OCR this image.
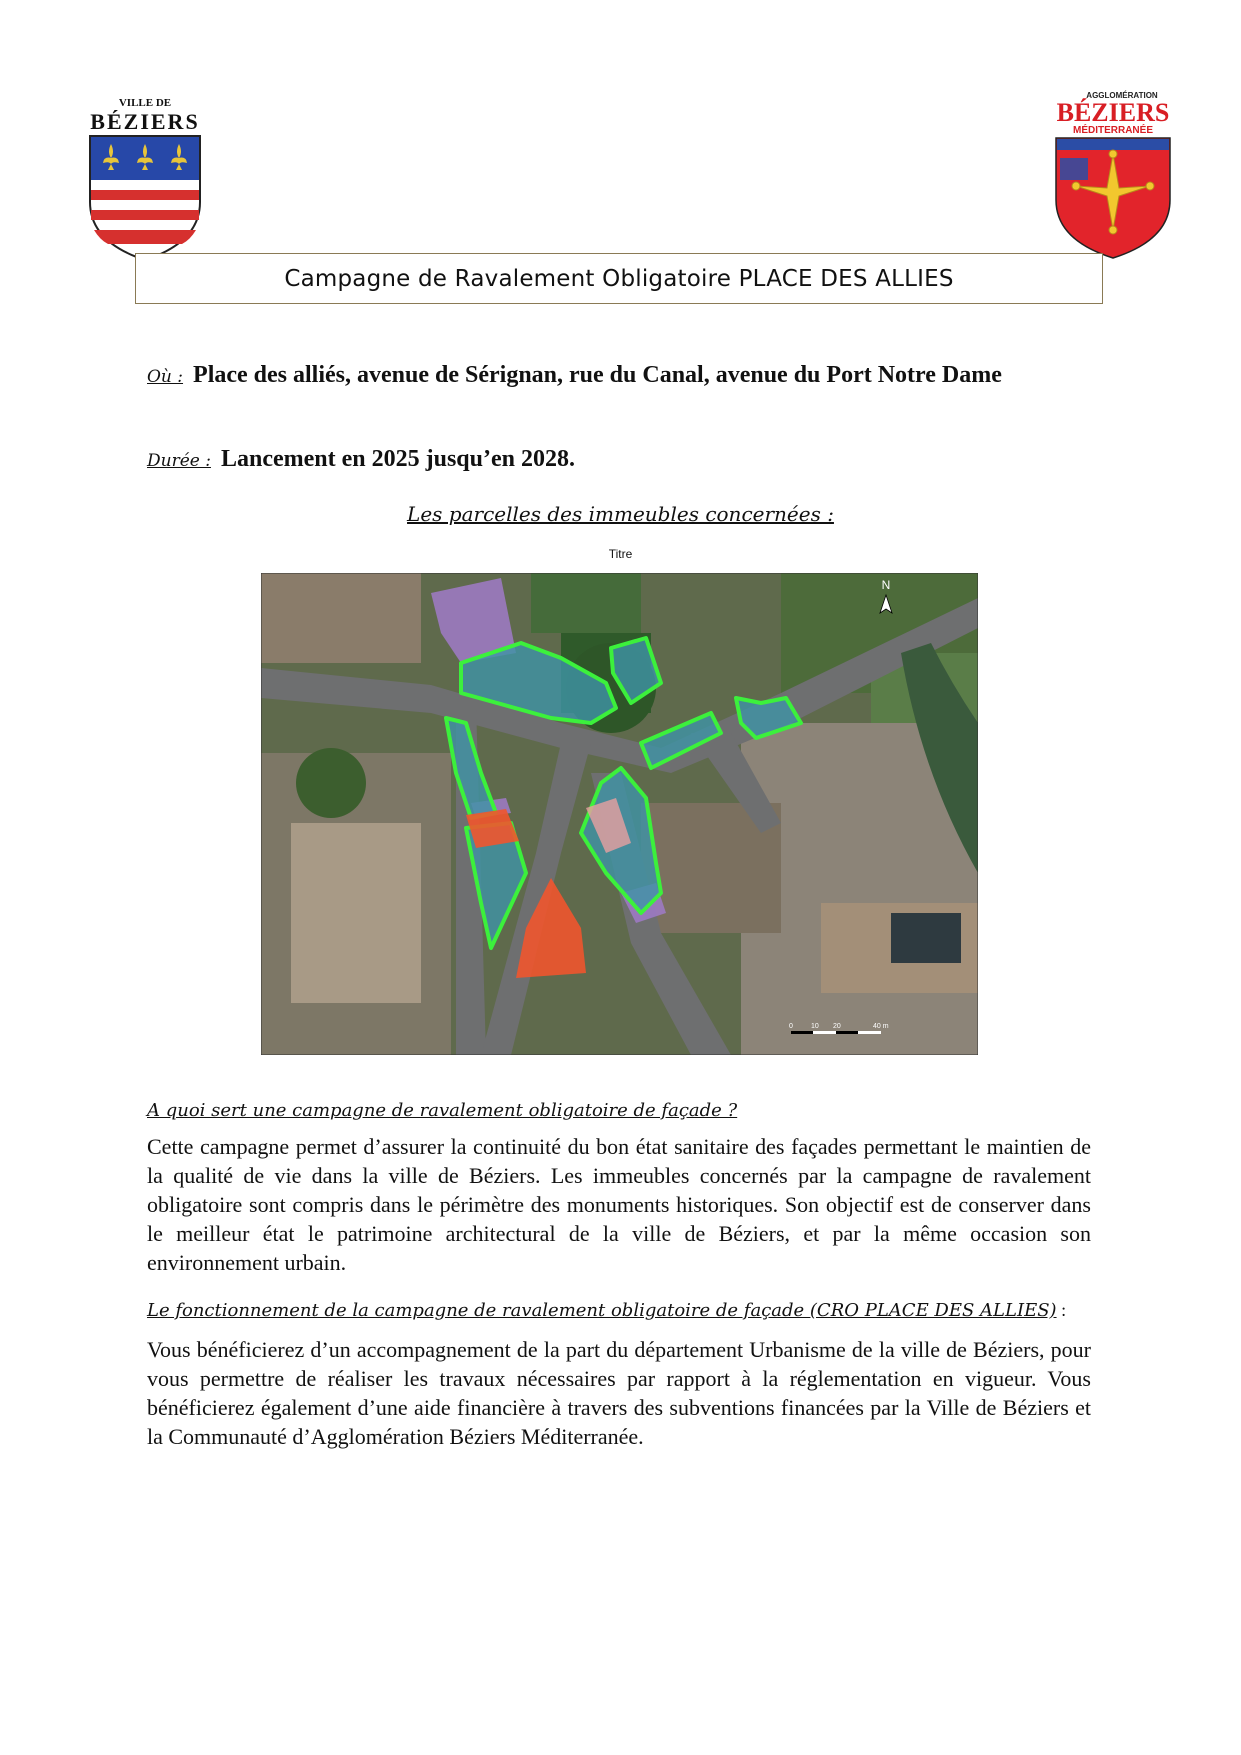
VILLE DE
BÉZIERS
AGGLOMÉRATION
BÉZIERS
MÉDITERRANÉE
Campagne de Ravalement Obligatoire PLACE DES ALLIES
Où : Place des alliés, avenue de Sérignan, rue du Canal, avenue du Port Notre Dame
Durée : Lancement en 2025 jusqu’en 2028.
Les parcelles des immeubles concernées :
Titre
N
0	10 20	40 m
A quoi sert une campagne de ravalement obligatoire de façade ?
Cette campagne permet d’assurer la continuité du bon état sanitaire des façades permettant le maintien de la qualité de vie dans la ville de Béziers. Les immeubles concernés par la campagne de ravalement obligatoire sont compris dans le périmètre des monuments historiques. Son objectif est de conserver dans le meilleur état le patrimoine architectural de la ville de Béziers, et par la même occasion son environnement urbain.
Le fonctionnement de la campagne de ravalement obligatoire de façade (CRO PLACE DES ALLIES) :
Vous bénéficierez d’un accompagnement de la part du département Urbanisme de la ville de Béziers, pour vous permettre de réaliser les travaux nécessaires par rapport à la réglementation en vigueur. Vous bénéficierez également d’une aide financière à travers des subventions financées par la Ville de Béziers et la Communauté d’Agglomération Béziers Méditerranée.
